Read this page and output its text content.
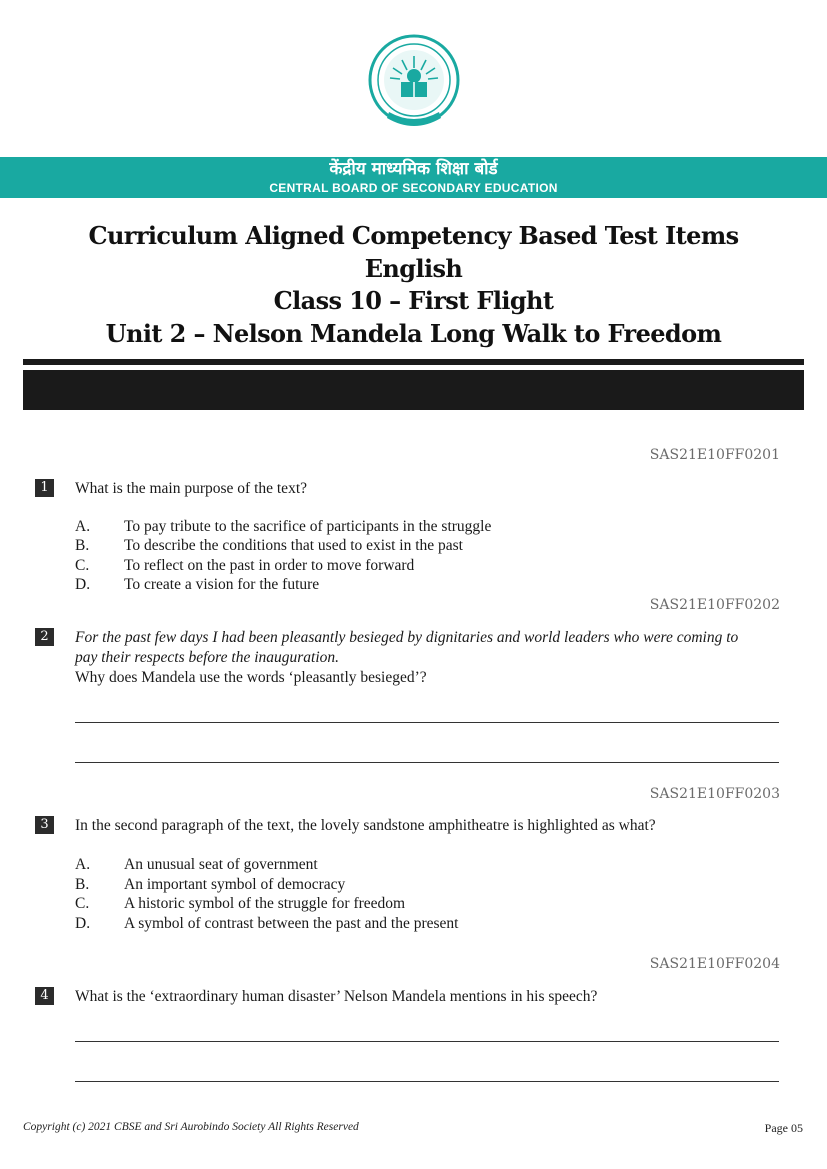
केंद्रीय माध्यमिक शिक्षा बोर्ड
CENTRAL BOARD OF SECONDARY EDUCATION
Curriculum Aligned Competency Based Test Items
English
Class 10 – First Flight
Unit 2 – Nelson Mandela Long Walk to Freedom
SAS21E10FF0201
1	What is the main purpose of the text?
A. To pay tribute to the sacrifice of participants in the struggle
B. To describe the conditions that used to exist in the past
C. To reflect on the past in order to move forward
D. To create a vision for the future
SAS21E10FF0202
2	For the past few days I had been pleasantly besieged by dignitaries and world leaders who were coming to
pay their respects before the inauguration.
Why does Mandela use the words ‘pleasantly besieged’?
SAS21E10FF0203
3	In the second paragraph of the text, the lovely sandstone amphitheatre is highlighted as what?
A. An unusual seat of government
B. An important symbol of democracy
C. A historic symbol of the struggle for freedom
D. A symbol of contrast between the past and the present
SAS21E10FF0204
4	What is the ‘extraordinary human disaster’ Nelson Mandela mentions in his speech?
Copyright (c) 2021 CBSE and Sri Aurobindo Society All Rights Reserved	Page 05
